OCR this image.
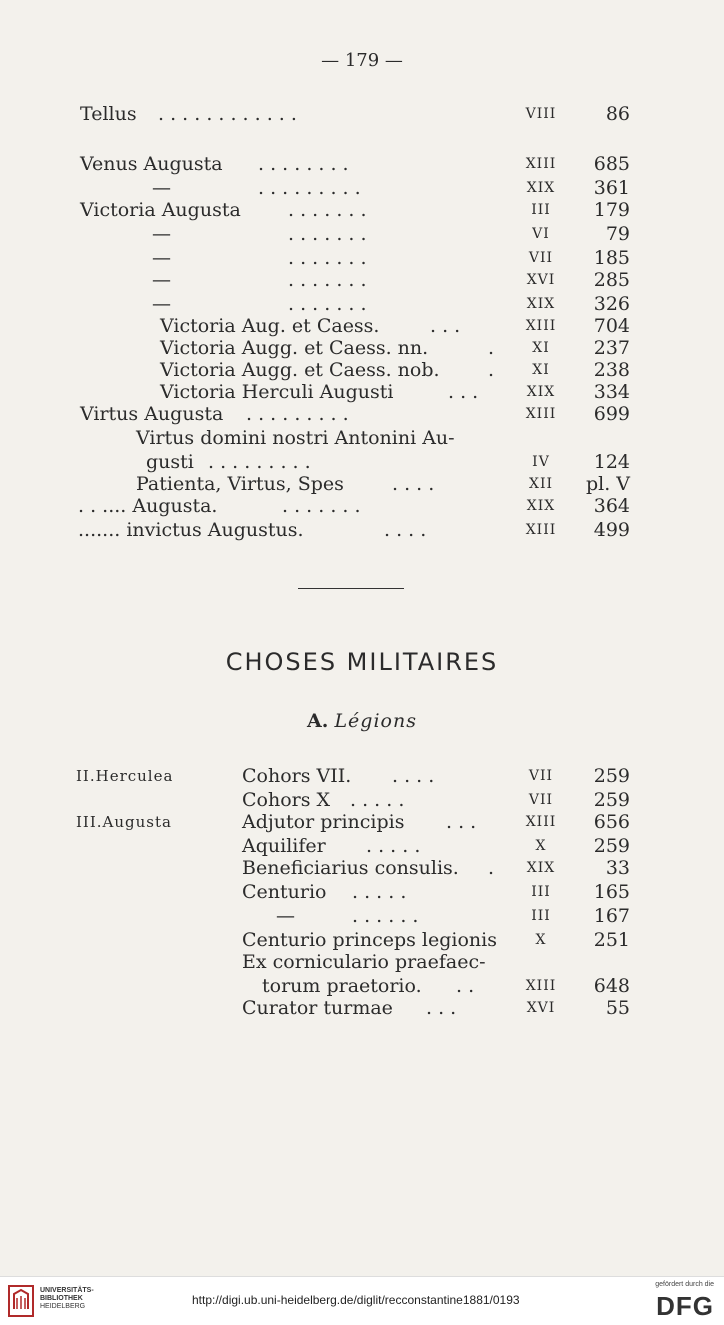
— 179 —
Tellus . . . . . . . . . . . .	VIII	86
Venus Augusta . . . . . . . .	XIII	685
—	. . . . . . . . .	XIX	361
Victoria Augusta . . . . . . .	III	179
—	. . . . . . .	VI	79
—	. . . . . . .	VII	185
—	. . . . . . .	XVI	285
—	. . . . . . .	XIX	326
Victoria Aug. et Caess.	. . .	XIII	704
Victoria Augg. et Caess. nn.	.	XI	237
Victoria Augg. et Caess. nob.	.	XI	238
Victoria Herculi Augusti	. . .	XIX	334
Virtus Augusta . . . . . . . . .	XIII	699
Virtus domini nostri Antonini Au-
gusti . . . . . . . . .	IV	124
Patienta, Virtus, Spes	. . . .	XII	pl. V
. . .... Augusta.	. . . . . . .	XIX	364
....... invictus Augustus.	. . . .	XIII	499
CHOSES MILITAIRES
A. Légions
II.Herculea	Cohors VII. . . . .	VII	259
Cohors X . . . . .	VII	259
III.Augusta	Adjutor principis . . .	XIII	656
Aquilifer . . . . .	X	259
Beneficiarius consulis. .	XIX	33
Centurio . . . . .	III	165
—	. . . . . .	III	167
Centurio princeps legionis	X	251
Ex corniculario praefaec-
torum praetorio. . .	XIII	648
Curator turmae . . .	XVI	55
UNIVERSITÄTS-
BIBLIOTHEK
HEIDELBERG	http://digi.ub.uni-heidelberg.de/diglit/recconstantine1881/0193
gefördert durch die
DFG
